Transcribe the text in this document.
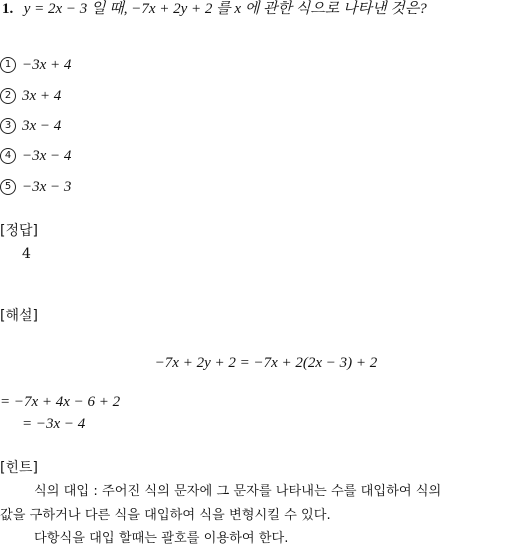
1. y = 2x − 3 일 때, −7x + 2y + 2 를 x 에 관한 식으로 나타낸 것은?
1 −3x + 4
2 3x + 4
3 3x − 4
4 −3x − 4
5 −3x − 3
[정답]
4
[해설]
−7x + 2y + 2 = −7x + 2(2x − 3) + 2
= −7x + 4x − 6 + 2
= −3x − 4
[힌트]
식의 대입 : 주어진 식의 문자에 그 문자를 나타내는 수를 대입하여 식의
값을 구하거나 다른 식을 대입하여 식을 변형시킬 수 있다.
다항식을 대입 할때는 괄호를 이용하여 한다.
